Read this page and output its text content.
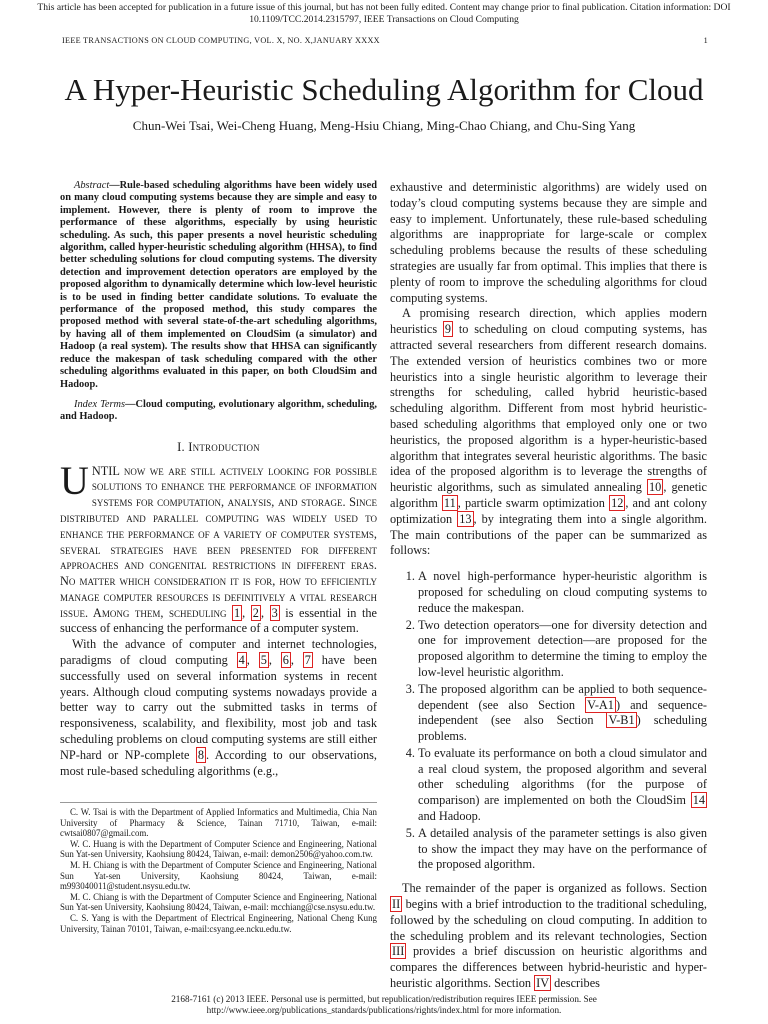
This article has been accepted for publication in a future issue of this journal, but has not been fully edited. Content may change prior to final publication. Citation information: DOI 10.1109/TCC.2014.2315797, IEEE Transactions on Cloud Computing
IEEE TRANSACTIONS ON CLOUD COMPUTING, VOL. X, NO. X,JANUARY XXXX	1
A Hyper-Heuristic Scheduling Algorithm for Cloud
Chun-Wei Tsai, Wei-Cheng Huang, Meng-Hsiu Chiang, Ming-Chao Chiang, and Chu-Sing Yang

Abstract—Rule-based scheduling algorithms have been widely used on many cloud computing systems because they are simple and easy to implement. However, there is plenty of room to improve the performance of these algorithms, especially by using heuristic scheduling. As such, this paper presents a novel heuristic scheduling algorithm, called hyper-heuristic scheduling algorithm (HHSA), to find better scheduling solutions for cloud computing systems. The diversity detection and improvement detection operators are employed by the proposed algorithm to dynamically determine which low-level heuristic is to be used in finding better candidate solutions. To evaluate the performance of the proposed method, this study compares the proposed method with several state-of-the-art scheduling algorithms, by having all of them implemented on CloudSim (a simulator) and Hadoop (a real system). The results show that HHSA can significantly reduce the makespan of task scheduling compared with the other scheduling algorithms evaluated in this paper, on both CloudSim and Hadoop.

Index Terms—Cloud computing, evolutionary algorithm, scheduling, and Hadoop.

I. Introduction

UNTIL now we are still actively looking for possible solutions to enhance the performance of information systems for computation, analysis, and storage. Since distributed and parallel computing was widely used to enhance the performance of a variety of computer systems, several strategies have been presented for different approaches and congenital restrictions in different eras. No matter which consideration it is for, how to efficiently manage computer resources is definitively a vital research issue. Among them, scheduling 1 , 2 , 3 is essential in the success of enhancing the performance of a computer system.

With the advance of computer and internet technologies, paradigms of cloud computing 4 , 5 , 6 , 7 have been successfully used on several information systems in recent years. Although cloud computing systems nowadays provide a better way to carry out the submitted tasks in terms of responsiveness, scalability, and flexibility, most job and task scheduling problems on cloud computing systems are still either NP-hard or NP-complete 8 . According to our observations, most rule-based scheduling algorithms (e.g.,

C. W. Tsai is with the Department of Applied Informatics and Multimedia, Chia Nan University of Pharmacy & Science, Tainan 71710, Taiwan, e-mail: cwtsai0807@gmail.com.

W. C. Huang is with the Department of Computer Science and Engineering, National Sun Yat-sen University, Kaohsiung 80424, Taiwan, e-mail: demon2506@yahoo.com.tw.

M. H. Chiang is with the Department of Computer Science and Engineering, National Sun Yat-sen University, Kaohsiung 80424, Taiwan, e-mail: m993040011@student.nsysu.edu.tw.

M. C. Chiang is with the Department of Computer Science and Engineering, National Sun Yat-sen University, Kaohsiung 80424, Taiwan, e-mail: mcchiang@cse.nsysu.edu.tw.

C. S. Yang is with the Department of Electrical Engineering, National Cheng Kung University, Tainan 70101, Taiwan, e-mail:csyang.ee.ncku.edu.tw.

exhaustive and deterministic algorithms) are widely used on today’s cloud computing systems because they are simple and easy to implement. Unfortunately, these rule-based scheduling algorithms are inappropriate for large-scale or complex scheduling problems because the results of these scheduling strategies are usually far from optimal. This implies that there is plenty of room to improve the scheduling algorithms for cloud computing systems.

A promising research direction, which applies modern heuristics 9 to scheduling on cloud computing systems, has attracted several researchers from different research domains. The extended version of heuristics combines two or more heuristics into a single heuristic algorithm to leverage their strengths for scheduling, called hybrid heuristic-based scheduling algorithm. Different from most hybrid heuristic-based scheduling algorithms that employed only one or two heuristics, the proposed algorithm is a hyper-heuristic-based algorithm that integrates several heuristic algorithms. The basic idea of the proposed algorithm is to leverage the strengths of heuristic algorithms, such as simulated annealing 10 , genetic algorithm 11 , particle swarm optimization 12 , and ant colony optimization 13 , by integrating them into a single algorithm. The main contributions of the paper can be summarized as follows:

1. A novel high-performance hyper-heuristic algorithm is proposed for scheduling on cloud computing systems to reduce the makespan.
2. Two detection operators—one for diversity detection and one for improvement detection—are proposed for the proposed algorithm to determine the timing to employ the low-level heuristic algorithm.
3. The proposed algorithm can be applied to both sequence-dependent (see also Section V-A1 ) and sequence-independent (see also Section V-B1 ) scheduling problems.
4. To evaluate its performance on both a cloud simulator and a real cloud system, the proposed algorithm and several other scheduling algorithms (for the purpose of comparison) are implemented on both the CloudSim 14 and Hadoop.
5. A detailed analysis of the parameter settings is also given to show the impact they may have on the performance of the proposed algorithm.

The remainder of the paper is organized as follows. Section II begins with a brief introduction to the traditional scheduling, followed by the scheduling on cloud computing. In addition to the scheduling problem and its relevant technologies, Section III provides a brief discussion on heuristic algorithms and compares the differences between hybrid-heuristic and hyper-heuristic algorithms. Section IV describes

2168-7161 (c) 2013 IEEE. Personal use is permitted, but republication/redistribution requires IEEE permission. See
http://www.ieee.org/publications_standards/publications/rights/index.html for more information.
